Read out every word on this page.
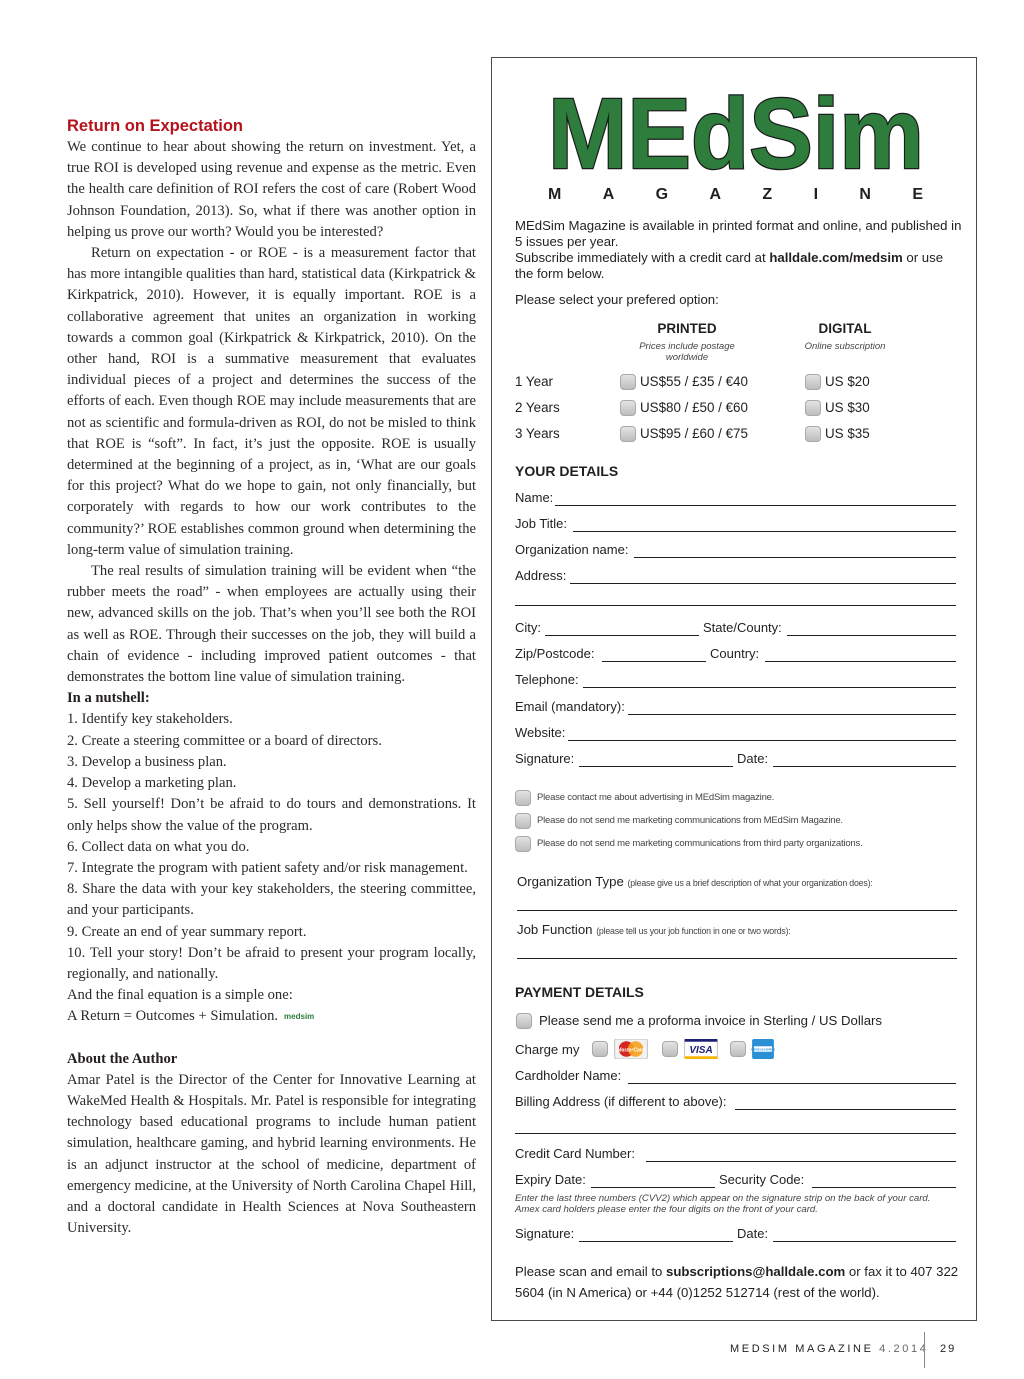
Return on Expectation

We continue to hear about showing the return on investment. Yet, a true ROI is developed using revenue and expense as the metric. Even the health care definition of ROI refers the cost of care (Robert Wood Johnson Foundation, 2013). So, what if there was another option in helping us prove our worth? Would you be interested?

Return on expectation - or ROE - is a measurement factor that has more intangible qualities than hard, statistical data (Kirkpatrick & Kirkpatrick, 2010). However, it is equally important. ROE is a collaborative agreement that unites an organization in working towards a common goal (Kirkpatrick & Kirkpatrick, 2010). On the other hand, ROI is a summative measurement that evaluates individual pieces of a project and determines the success of the efforts of each. Even though ROE may include measurements that are not as scientific and formula-driven as ROI, do not be misled to think that ROE is “soft”. In fact, it’s just the opposite. ROE is usually determined at the beginning of a project, as in, ‘What are our goals for this project? What do we hope to gain, not only financially, but corporately with regards to how our work contributes to the community?’ ROE establishes common ground when determining the long-term value of simulation training.

The real results of simulation training will be evident when “the rubber meets the road” - when employees are actually using their new, advanced skills on the job. That’s when you’ll see both the ROI as well as ROE. Through their successes on the job, they will build a chain of evidence - including improved patient outcomes - that demonstrates the bottom line value of simulation training.

In a nutshell:
1. Identify key stakeholders.
2. Create a steering committee or a board of directors.
3. Develop a business plan.
4. Develop a marketing plan.
5. Sell yourself! Don’t be afraid to do tours and demonstrations. It only helps show the value of the program.
6. Collect data on what you do.
7. Integrate the program with patient safety and/or risk management.
8. Share the data with your key stakeholders, the steering committee, and your participants.
9. Create an end of year summary report.
10. Tell your story! Don’t be afraid to present your program locally, regionally, and nationally.

And the final equation is a simple one:

A Return = Outcomes + Simulation. medsim

About the Author

Amar Patel is the Director of the Center for Innovative Learning at WakeMed Health & Hospitals. Mr. Patel is responsible for integrating technology based educational programs to include human patient simulation, healthcare gaming, and hybrid learning environments. He is an adjunct instructor at the school of medicine, department of emergency medicine, at the University of North Carolina Chapel Hill, and a doctoral candidate in Health Sciences at Nova Southeastern University.

MEdSim
M	A	G	A	Z	I	N	E
MEdSim Magazine is available in printed format and online, and published in 5 issues per year.
Subscribe immediately with a credit card at halldale.com/medsim or use the form below.
Please select your prefered option:
PRINTED
Prices include postage worldwide
DIGITAL
Online subscription
1 Year	US$55 / £35 / €40	US $20
2 Years	US$80 / £50 / €60	US $30
3 Years	US$95 / £60 / €75	US $35
YOUR DETAILS
Name:
Job Title:
Organization name:
Address:
City:	State/County:
Zip/Postcode:	Country:
Telephone:
Email (mandatory):
Website:
Signature:	Date:
Please contact me about advertising in MEdSim magazine.
Please do not send me marketing communications from MEdSim Magazine.
Please do not send me marketing communications from third party organizations.
Organization Type (please give us a brief description of what your organization does):
Job Function (please tell us your job function in one or two words):
PAYMENT DETAILS
Please send me a proforma invoice in Sterling / US Dollars
Charge my	MasterCard	VISA	AMERICAN EXPRESS
Cardholder Name:
Billing Address (if different to above):
Credit Card Number:
Expiry Date:	Security Code:
Enter the last three numbers (CVV2) which appear on the signature strip on the back of your card. Amex card holders please enter the four digits on the front of your card.
Signature:	Date:
Please scan and email to subscriptions@halldale.com or fax it to 407 322 5604 (in N America) or +44 (0)1252 512714 (rest of the world).
MEDSIM MAGAZINE 4.2014 29
